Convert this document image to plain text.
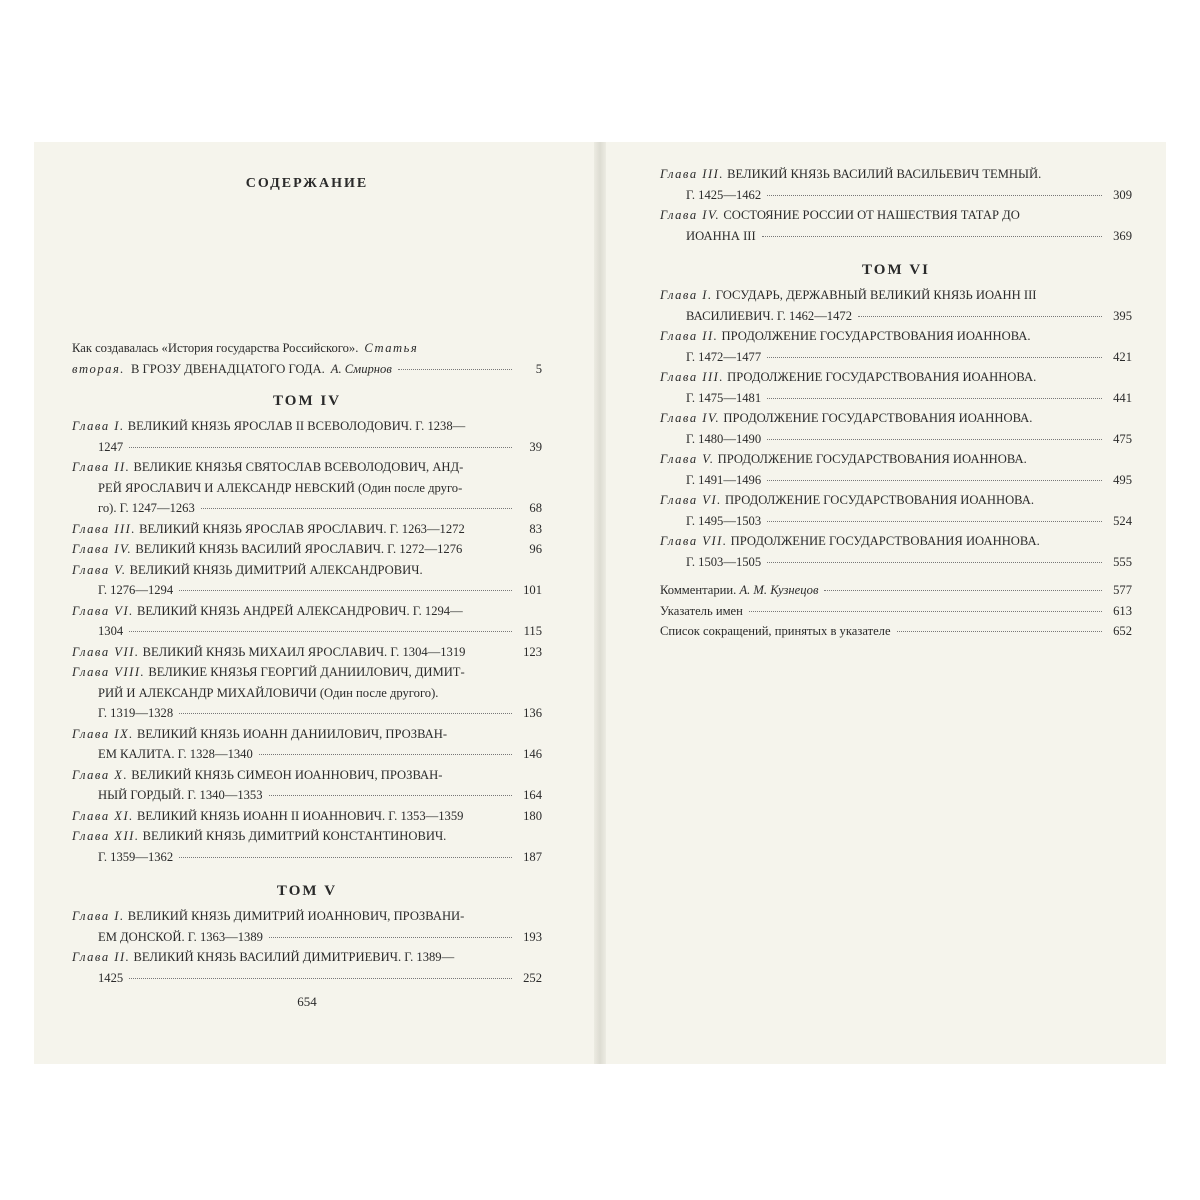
СОДЕРЖАНИЕ
Как создавалась «История государства Российского». Статья
вторая. В ГРОЗУ ДВЕНАДЦАТОГО ГОДА. А. Смирнов	5
ТОМ IV
Глава I.
ВЕЛИКИЙ КНЯЗЬ ЯРОСЛАВ II ВСЕВОЛОДОВИЧ. Г. 1238—
1247	39
Глава II.
ВЕЛИКИЕ КНЯЗЬЯ СВЯТОСЛАВ ВСЕВОЛОДОВИЧ, АНД-
РЕЙ ЯРОСЛАВИЧ И АЛЕКСАНДР НЕВСКИЙ (Один после друго-
го). Г. 1247—1263	68
Глава III.
ВЕЛИКИЙ КНЯЗЬ ЯРОСЛАВ ЯРОСЛАВИЧ. Г. 1263—1272	83
Глава IV.
ВЕЛИКИЙ КНЯЗЬ ВАСИЛИЙ ЯРОСЛАВИЧ. Г. 1272—1276	96
Глава V.
ВЕЛИКИЙ КНЯЗЬ ДИМИТРИЙ АЛЕКСАНДРОВИЧ.
Г. 1276—1294	101
Глава VI.
ВЕЛИКИЙ КНЯЗЬ АНДРЕЙ АЛЕКСАНДРОВИЧ. Г. 1294—
1304	115
Глава VII.
ВЕЛИКИЙ КНЯЗЬ МИХАИЛ ЯРОСЛАВИЧ. Г. 1304—1319	123
Глава VIII.
ВЕЛИКИЕ КНЯЗЬЯ ГЕОРГИЙ ДАНИИЛОВИЧ, ДИМИТ-
РИЙ И АЛЕКСАНДР МИХАЙЛОВИЧИ (Один после другого).
Г. 1319—1328	136
Глава IX.
ВЕЛИКИЙ КНЯЗЬ ИОАНН ДАНИИЛОВИЧ, ПРОЗВАН-
ЕМ КАЛИТА. Г. 1328—1340	146
Глава X.
ВЕЛИКИЙ КНЯЗЬ СИМЕОН ИОАННОВИЧ, ПРОЗВАН-
НЫЙ ГОРДЫЙ. Г. 1340—1353	164
Глава XI.
ВЕЛИКИЙ КНЯЗЬ ИОАНН II ИОАННОВИЧ. Г. 1353—1359	180
Глава XII.
ВЕЛИКИЙ КНЯЗЬ ДИМИТРИЙ КОНСТАНТИНОВИЧ.
Г. 1359—1362	187
ТОМ V
Глава I.
ВЕЛИКИЙ КНЯЗЬ ДИМИТРИЙ ИОАННОВИЧ, ПРОЗВАНИ-
ЕМ ДОНСКОЙ. Г. 1363—1389	193
Глава II.
ВЕЛИКИЙ КНЯЗЬ ВАСИЛИЙ ДИМИТРИЕВИЧ. Г. 1389—
1425	252
654
Глава III.
ВЕЛИКИЙ КНЯЗЬ ВАСИЛИЙ ВАСИЛЬЕВИЧ ТЕМНЫЙ.
Г. 1425—1462	309
Глава IV.
СОСТОЯНИЕ РОССИИ ОТ НАШЕСТВИЯ ТАТАР ДО
ИОАННА III	369
ТОМ VI
Глава I.
ГОСУДАРЬ, ДЕРЖАВНЫЙ ВЕЛИКИЙ КНЯЗЬ ИОАНН III
ВАСИЛИЕВИЧ. Г. 1462—1472	395
Глава II.
ПРОДОЛЖЕНИЕ ГОСУДАРСТВОВАНИЯ ИОАННОВА.
Г. 1472—1477	421
Глава III.
ПРОДОЛЖЕНИЕ ГОСУДАРСТВОВАНИЯ ИОАННОВА.
Г. 1475—1481	441
Глава IV.
ПРОДОЛЖЕНИЕ ГОСУДАРСТВОВАНИЯ ИОАННОВА.
Г. 1480—1490	475
Глава V.
ПРОДОЛЖЕНИЕ ГОСУДАРСТВОВАНИЯ ИОАННОВА.
Г. 1491—1496	495
Глава VI.
ПРОДОЛЖЕНИЕ ГОСУДАРСТВОВАНИЯ ИОАННОВА.
Г. 1495—1503	524
Глава VII.
ПРОДОЛЖЕНИЕ ГОСУДАРСТВОВАНИЯ ИОАННОВА.
Г. 1503—1505	555
Комментарии.
А. М. Кузнецов	577
Указатель имен	613
Список сокращений, принятых в указателе	652
